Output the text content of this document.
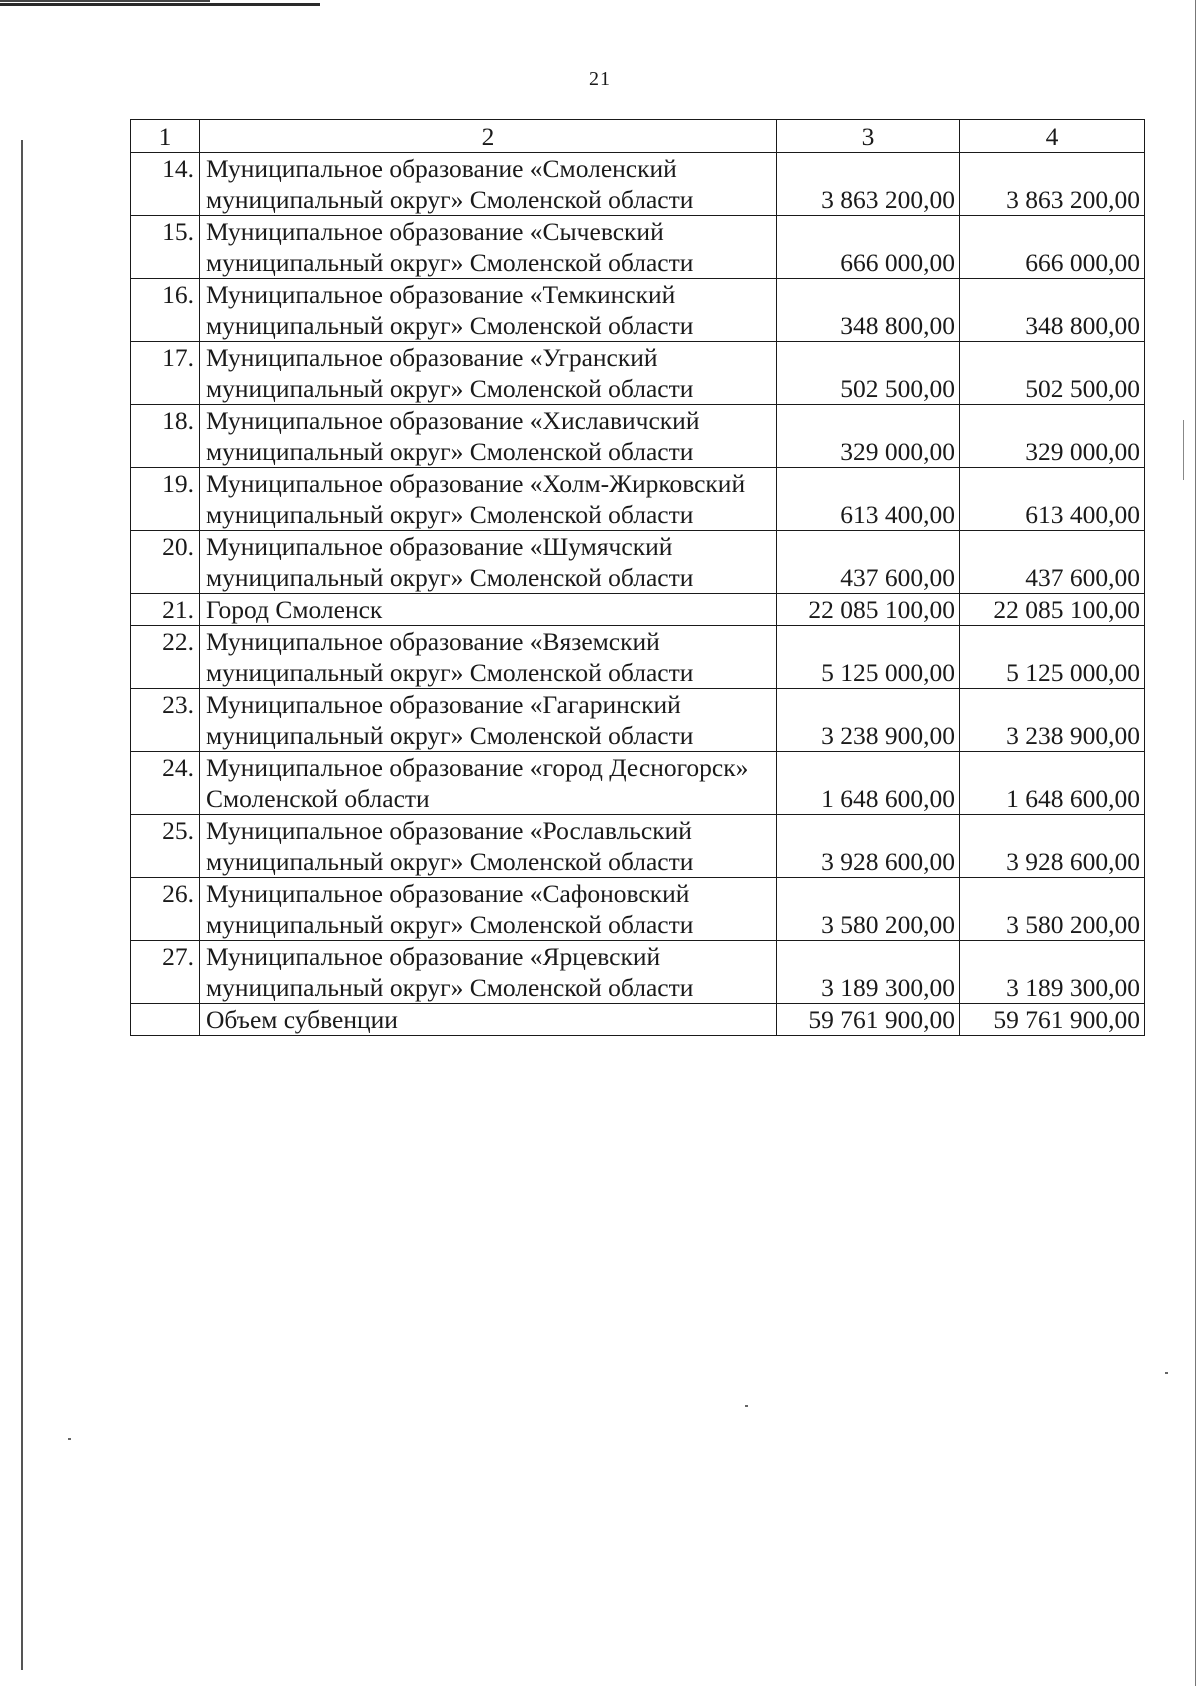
21
1	2	3	4
14.	Муниципальное образование «Смоленский муниципальный округ» Смоленской области	3 863 200,00	3 863 200,00
15.	Муниципальное образование «Сычевский муниципальный округ» Смоленской области	666 000,00	666 000,00
16.	Муниципальное образование «Темкинский муниципальный округ» Смоленской области	348 800,00	348 800,00
17.	Муниципальное образование «Угранский муниципальный округ» Смоленской области	502 500,00	502 500,00
18.	Муниципальное образование «Хиславичский муниципальный округ» Смоленской области	329 000,00	329 000,00
19.	Муниципальное образование «Холм-Жирковский муниципальный округ» Смоленской области	613 400,00	613 400,00
20.	Муниципальное образование «Шумячский муниципальный округ» Смоленской области	437 600,00	437 600,00
21.	Город Смоленск	22 085 100,00	22 085 100,00
22.	Муниципальное образование «Вяземский муниципальный округ» Смоленской области	5 125 000,00	5 125 000,00
23.	Муниципальное образование «Гагаринский муниципальный округ» Смоленской области	3 238 900,00	3 238 900,00
24.	Муниципальное образование «город Десногорск» Смоленской области	1 648 600,00	1 648 600,00
25.	Муниципальное образование «Рославльский муниципальный округ» Смоленской области	3 928 600,00	3 928 600,00
26.	Муниципальное образование «Сафоновский муниципальный округ» Смоленской области	3 580 200,00	3 580 200,00
27.	Муниципальное образование «Ярцевский муниципальный округ» Смоленской области	3 189 300,00	3 189 300,00
	Объем субвенции	59 761 900,00	59 761 900,00
